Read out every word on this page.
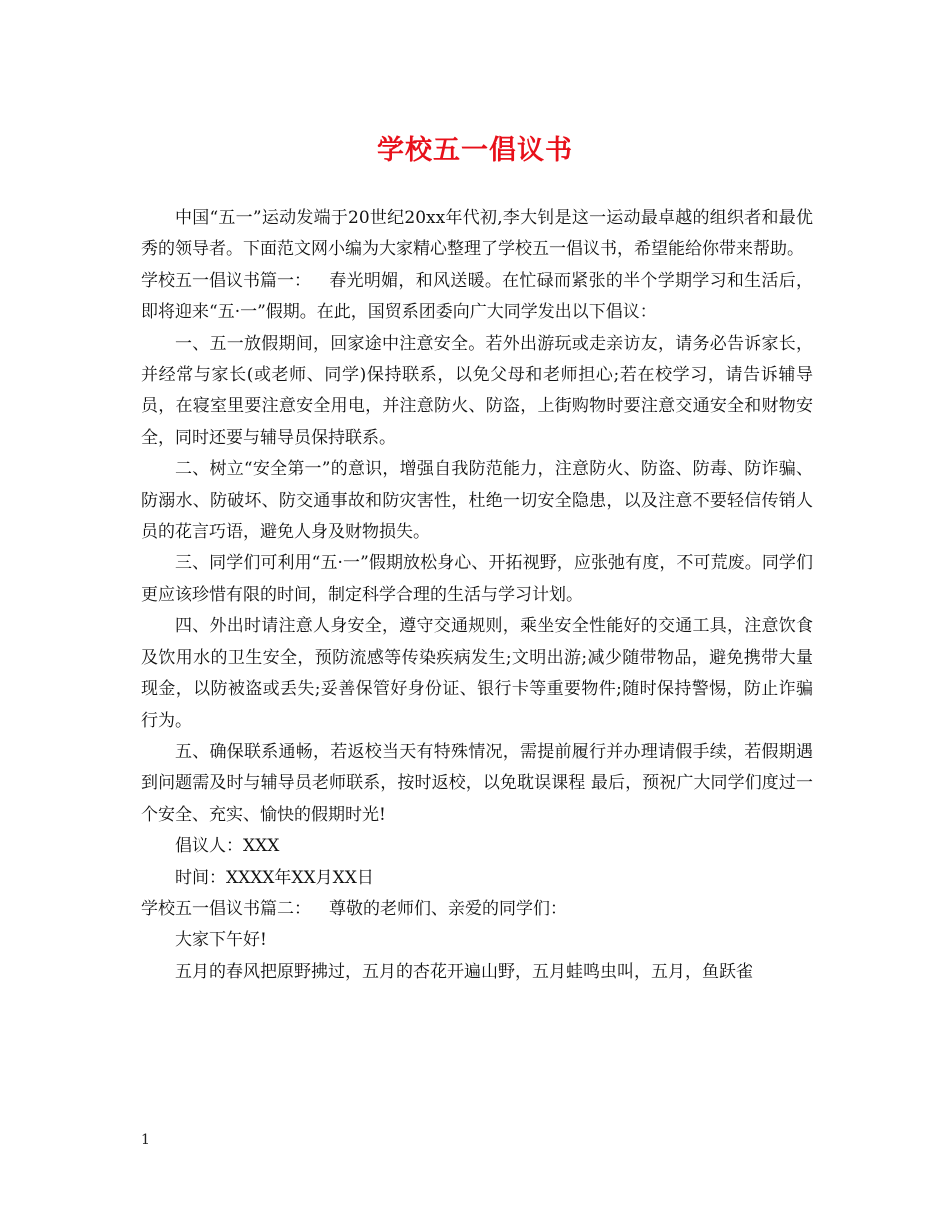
学校五一倡议书

中国“五一”运动发端于20世纪20xx年代初,李大钊是这一运动最卓越的组织者和最优秀的领导者。下面范文网小编为大家精心整理了学校五一倡议书，希望能给你带来帮助。

学校五一倡议书篇一： 春光明媚，和风送暖。在忙碌而紧张的半个学期学习和生活后，即将迎来“五·一”假期。在此，国贸系团委向广大同学发出以下倡议：

一、五一放假期间，回家途中注意安全。若外出游玩或走亲访友，请务必告诉家长，并经常与家长(或老师、同学)保持联系，以免父母和老师担心;若在校学习，请告诉辅导员，在寝室里要注意安全用电，并注意防火、防盗，上街购物时要注意交通安全和财物安全，同时还要与辅导员保持联系。

二、树立“安全第一”的意识，增强自我防范能力，注意防火、防盗、防毒、防诈骗、防溺水、防破坏、防交通事故和防灾害性，杜绝一切安全隐患，以及注意不要轻信传销人员的花言巧语，避免人身及财物损失。

三、同学们可利用“五·一”假期放松身心、开拓视野，应张弛有度，不可荒废。同学们更应该珍惜有限的时间，制定科学合理的生活与学习计划。

四、外出时请注意人身安全，遵守交通规则，乘坐安全性能好的交通工具，注意饮食及饮用水的卫生安全，预防流感等传染疾病发生;文明出游;减少随带物品，避免携带大量现金，以防被盗或丢失;妥善保管好身份证、银行卡等重要物件;随时保持警惕，防止诈骗行为。

五、确保联系通畅，若返校当天有特殊情况，需提前履行并办理请假手续，若假期遇到问题需及时与辅导员老师联系，按时返校，以免耽误课程 最后，预祝广大同学们度过一个安全、充实、愉快的假期时光!

倡议人：XXX

时间：XXXX年XX月XX日

学校五一倡议书篇二： 尊敬的老师们、亲爱的同学们：

大家下午好!

五月的春风把原野拂过，五月的杏花开遍山野，五月蛙鸣虫叫，五月，鱼跃雀

1
